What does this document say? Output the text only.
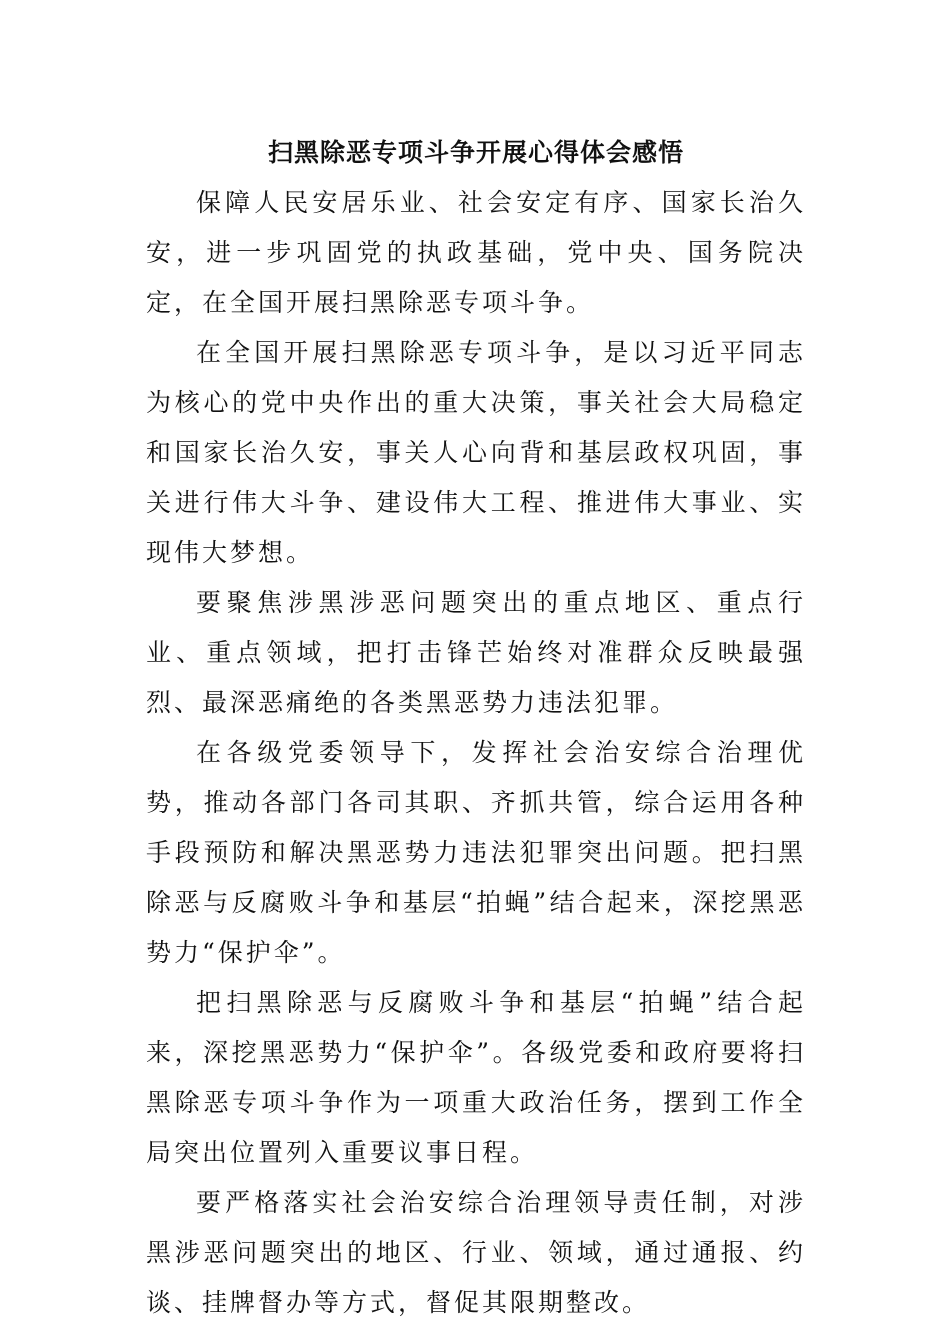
扫黑除恶专项斗争开展心得体会感悟

保障人民安居乐业、社会安定有序、国家长治久安，进一步巩固党的执政基础，党中央、国务院决定，在全国开展扫黑除恶专项斗争。

在全国开展扫黑除恶专项斗争，是以习近平同志为核心的党中央作出的重大决策，事关社会大局稳定和国家长治久安，事关人心向背和基层政权巩固，事关进行伟大斗争、建设伟大工程、推进伟大事业、实现伟大梦想。

要聚焦涉黑涉恶问题突出的重点地区、重点行业、重点领域，把打击锋芒始终对准群众反映最强烈、最深恶痛绝的各类黑恶势力违法犯罪。

在各级党委领导下，发挥社会治安综合治理优势，推动各部门各司其职、齐抓共管，综合运用各种手段预防和解决黑恶势力违法犯罪突出问题。把扫黑除恶与反腐败斗争和基层“拍蝇”结合起来，深挖黑恶势力“保护伞”。

把扫黑除恶与反腐败斗争和基层“拍蝇”结合起来，深挖黑恶势力“保护伞”。各级党委和政府要将扫黑除恶专项斗争作为一项重大政治任务，摆到工作全局突出位置列入重要议事日程。

要严格落实社会治安综合治理领导责任制，对涉黑涉恶问题突出的地区、行业、领域，通过通报、约谈、挂牌督办等方式，督促其限期整改。
